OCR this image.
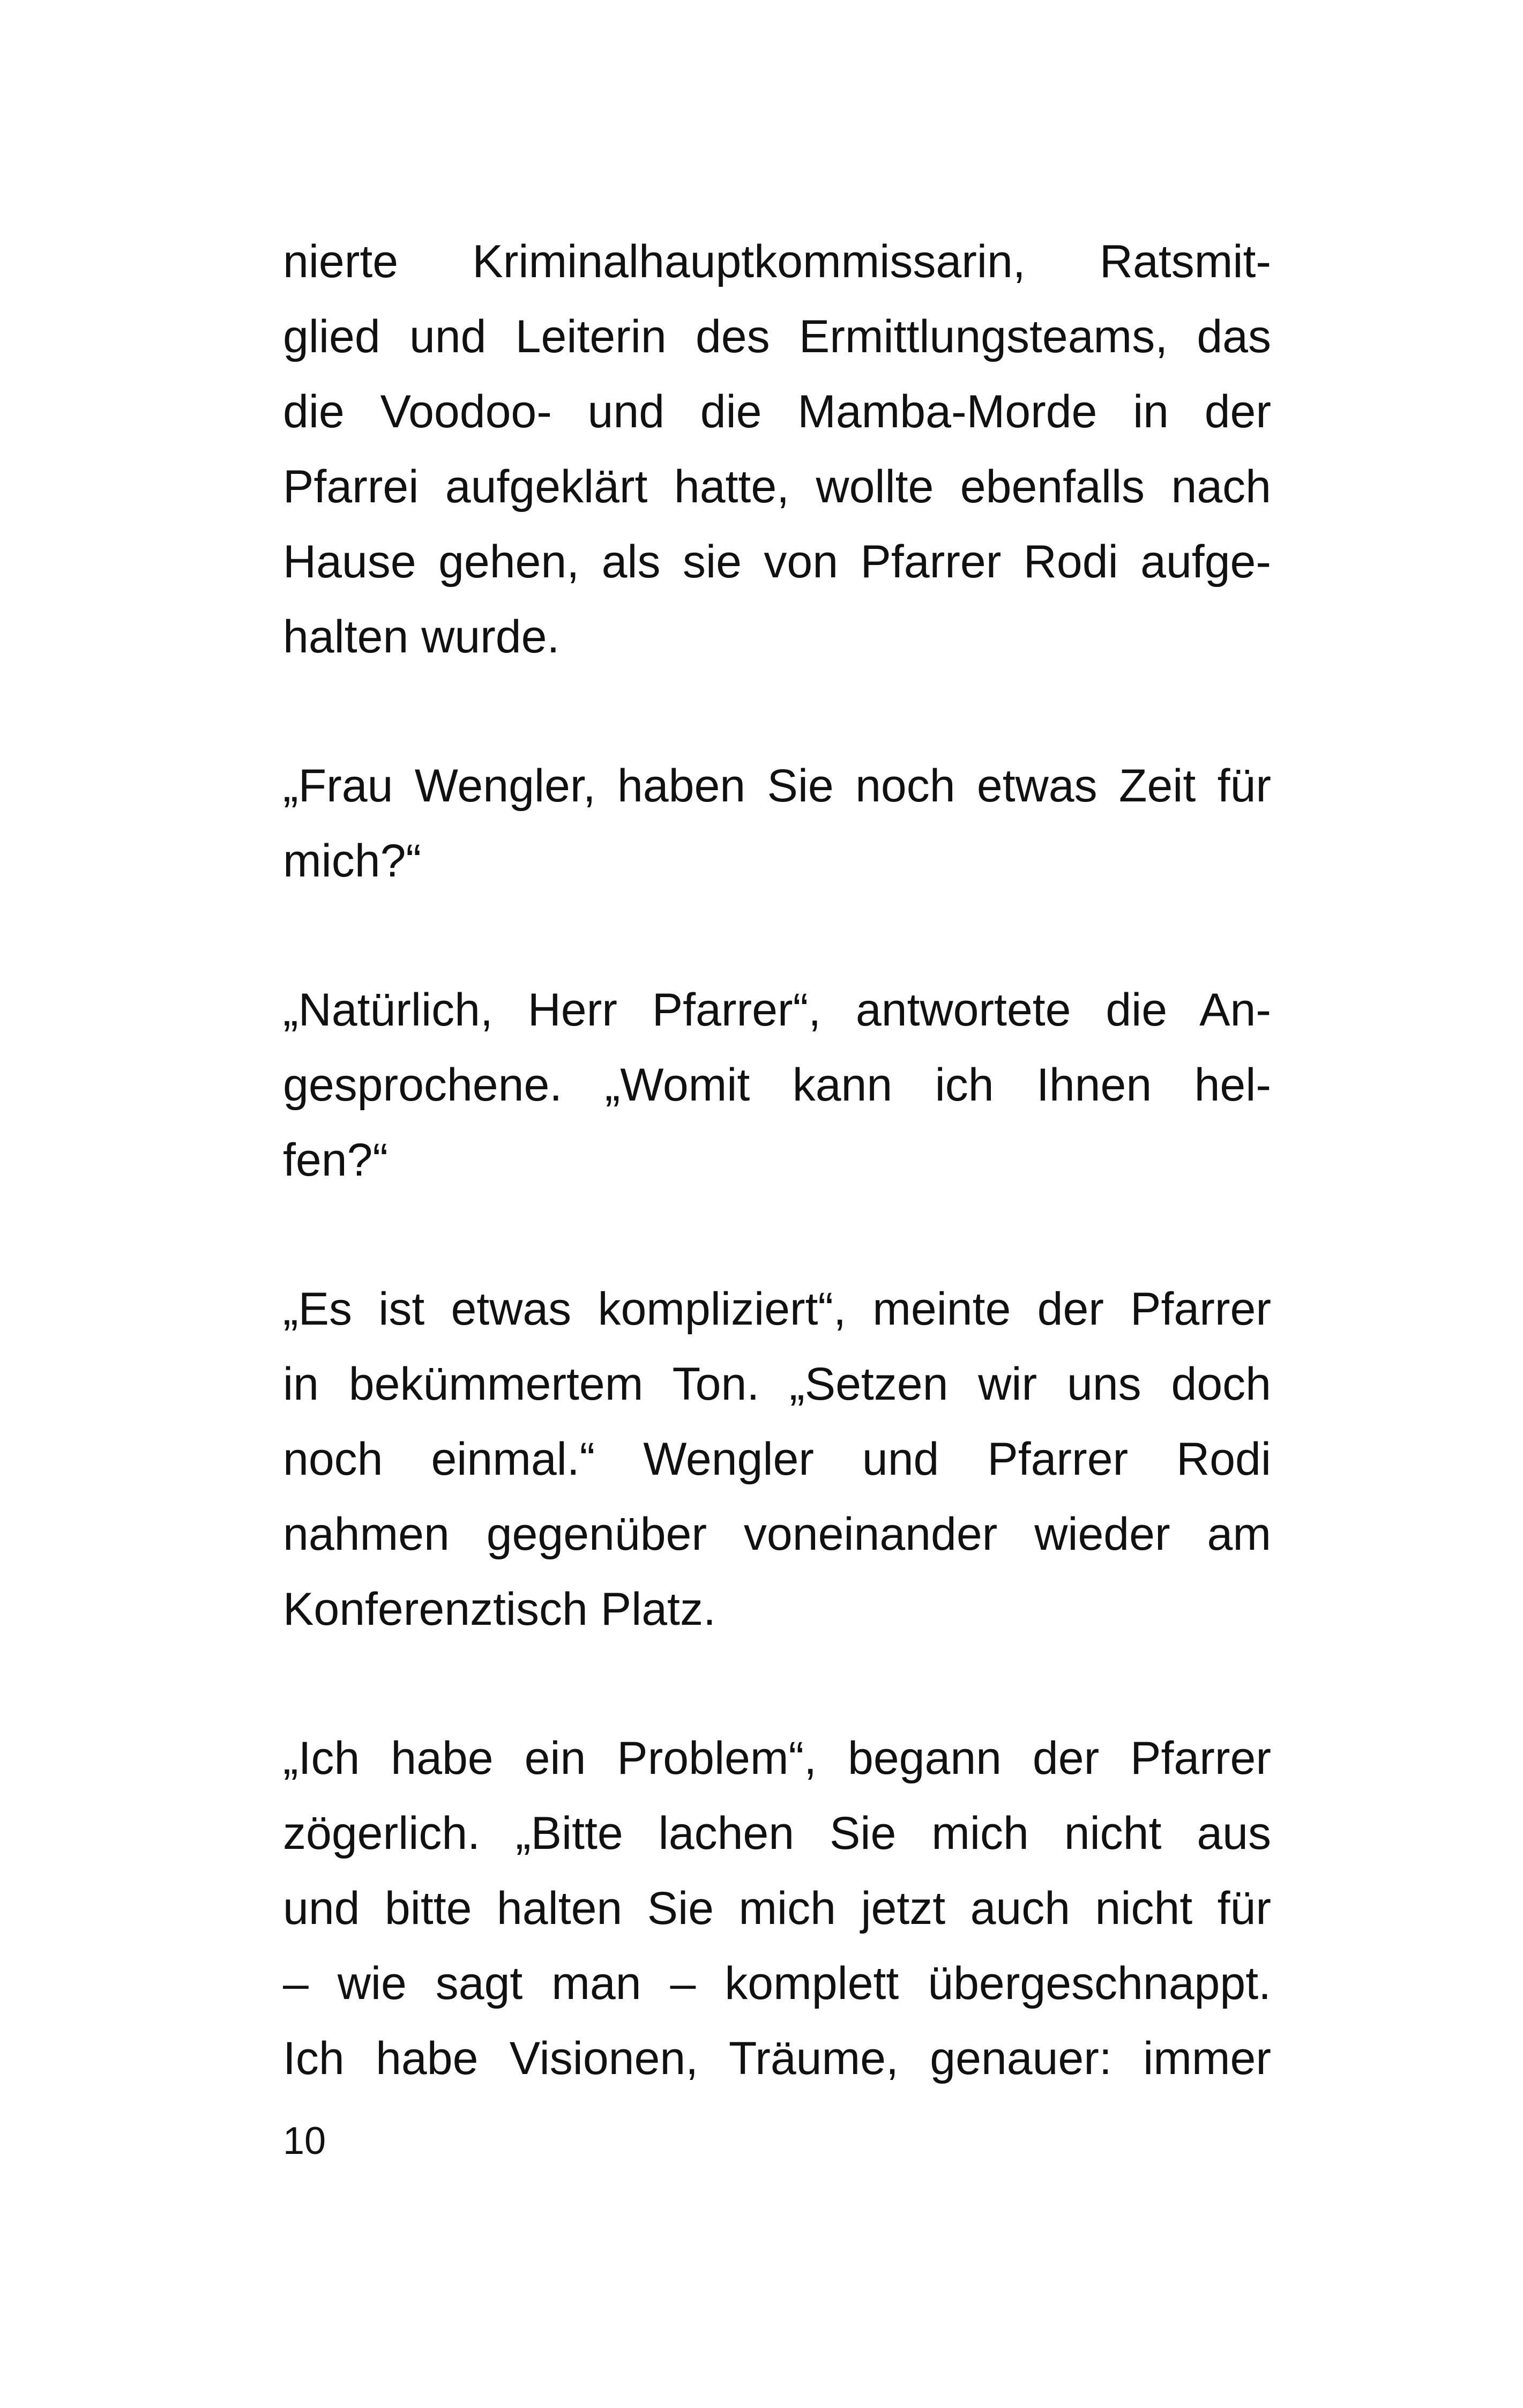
nierte Kriminalhauptkommissarin, Ratsmit-
glied und Leiterin des Ermittlungsteams, das
die Voodoo- und die Mamba-Morde in der
Pfarrei aufgeklärt hatte, wollte ebenfalls nach
Hause gehen, als sie von Pfarrer Rodi aufge-
halten wurde.
„Frau Wengler, haben Sie noch etwas Zeit für
mich?“
„Natürlich, Herr Pfarrer“, antwortete die An-
gesprochene. „Womit kann ich Ihnen hel-
fen?“
„Es ist etwas kompliziert“, meinte der Pfarrer
in bekümmertem Ton. „Setzen wir uns doch
noch einmal.“ Wengler und Pfarrer Rodi
nahmen gegenüber voneinander wieder am
Konferenztisch Platz.
„Ich habe ein Problem“, begann der Pfarrer
zögerlich. „Bitte lachen Sie mich nicht aus
und bitte halten Sie mich jetzt auch nicht für
– wie sagt man – komplett übergeschnappt.
Ich habe Visionen, Träume, genauer: immer
10
